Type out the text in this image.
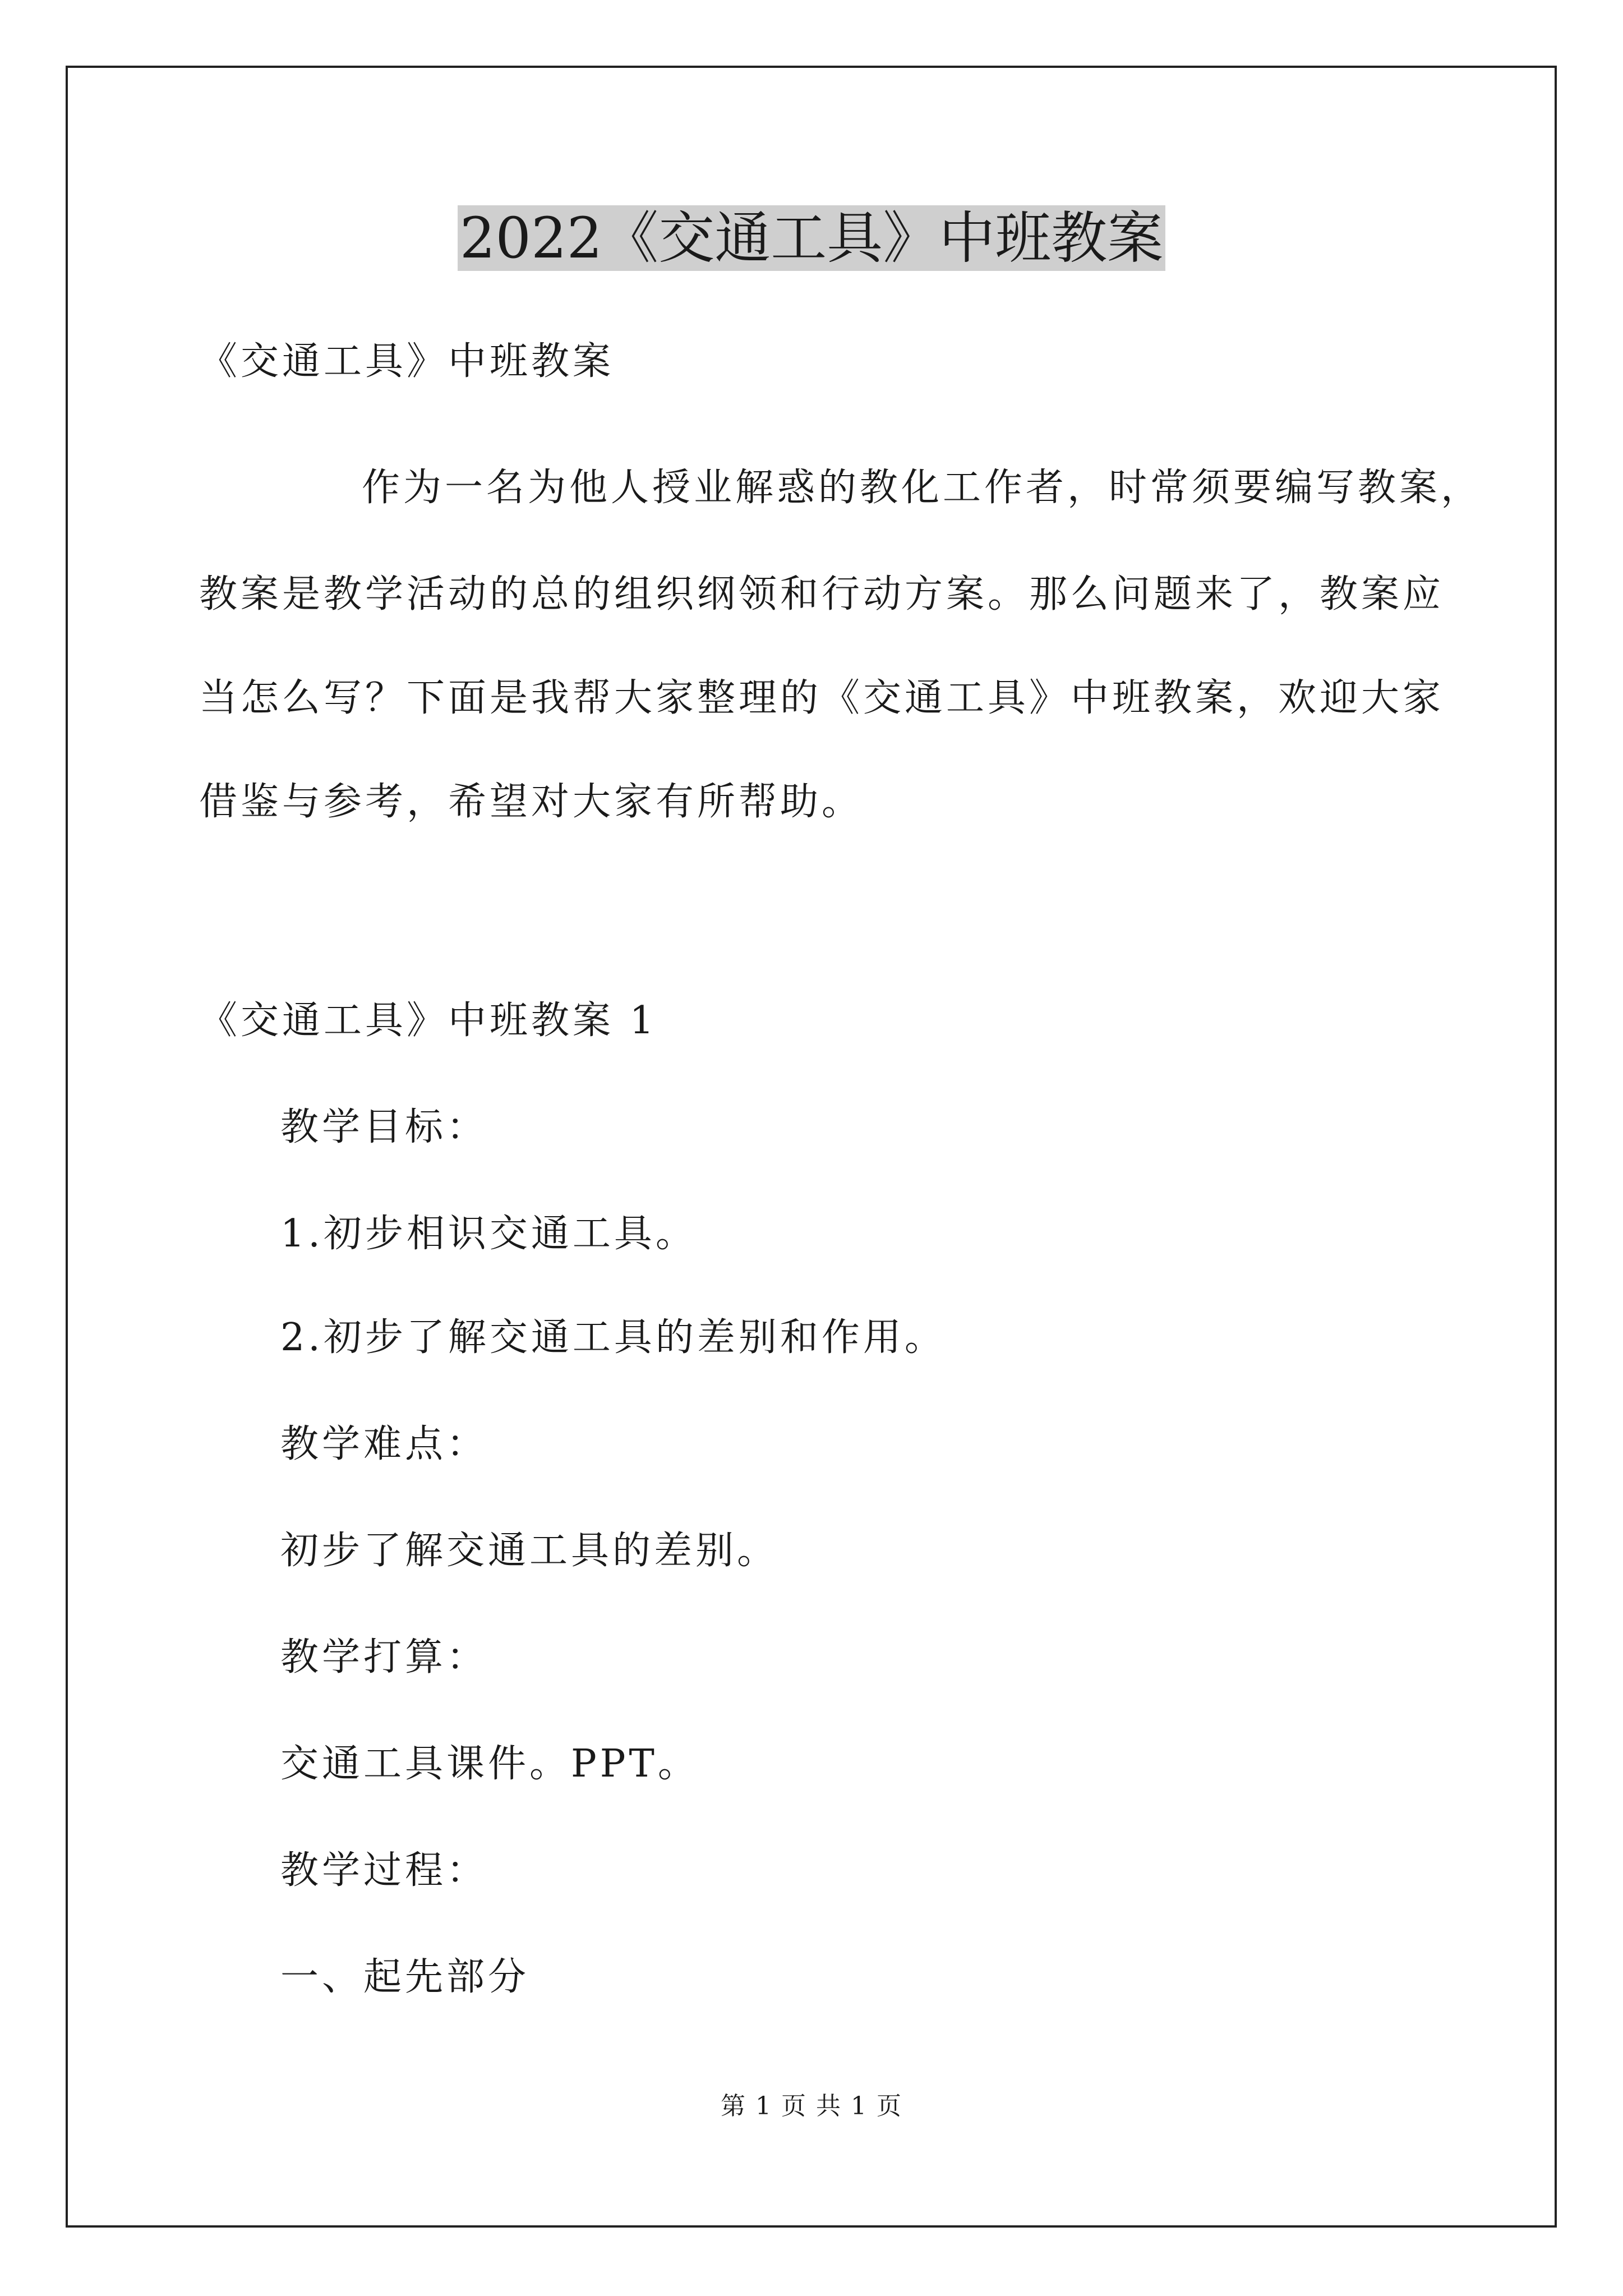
2022《交通工具》中班教案
《交通工具》中班教案
作为一名为他人授业解惑的教化工作者，时常须要编写教案，
教案是教学活动的总的组织纲领和行动方案。那么问题来了，教案应
当怎么写？下面是我帮大家整理的《交通工具》中班教案，欢迎大家
借鉴与参考，希望对大家有所帮助。
《交通工具》中班教案 1
教学目标：
1.初步相识交通工具。
2.初步了解交通工具的差别和作用。
教学难点：
初步了解交通工具的差别。
教学打算：
交通工具课件。PPT。
教学过程：
一、起先部分
第 1 页 共 1 页
